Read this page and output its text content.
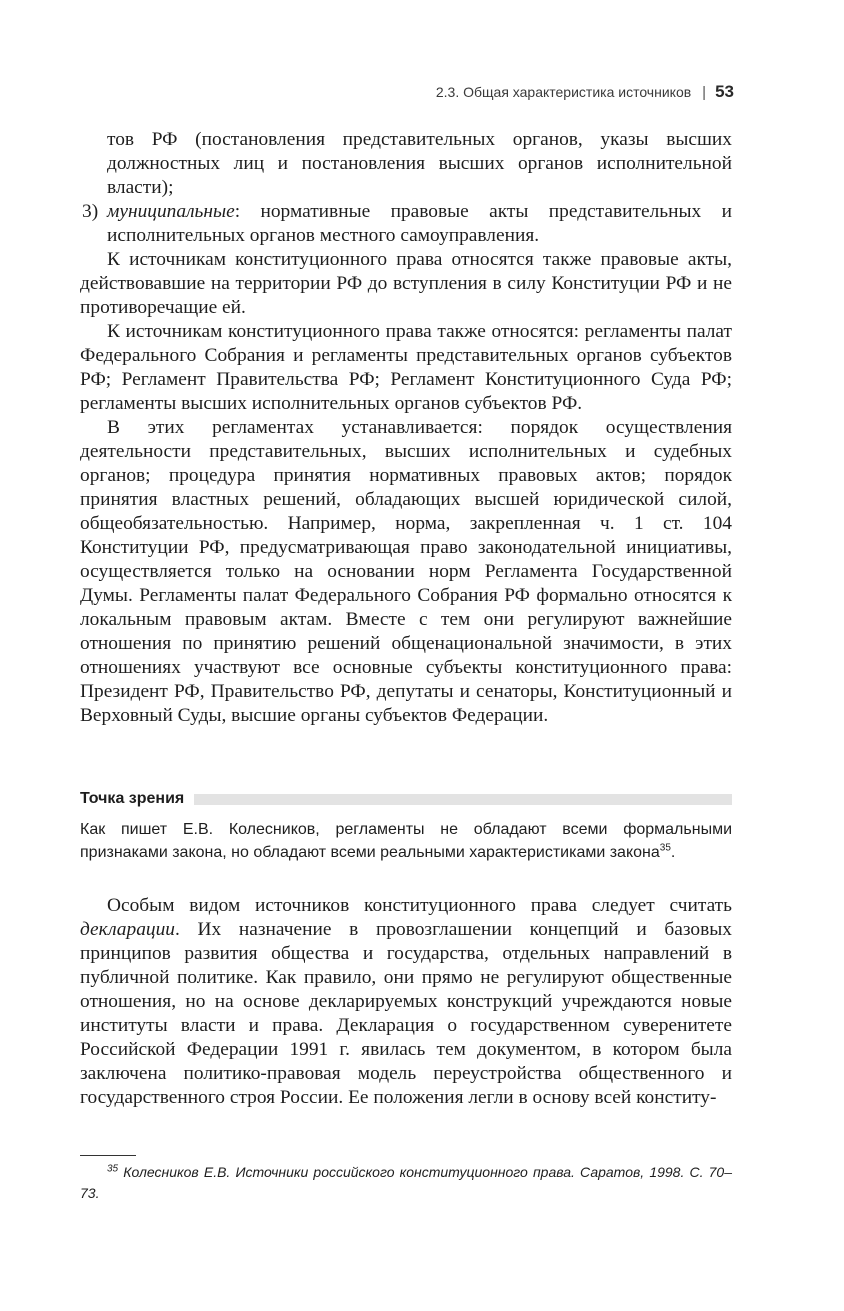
2.3. Общая характеристика источников | 53

тов РФ (постановления представительных органов, указы высших должностных лиц и постановления высших органов исполнительной власти);

3) муниципальные: нормативные правовые акты представительных и исполнительных органов местного самоуправления.

К источникам конституционного права относятся также правовые акты, действовавшие на территории РФ до вступления в силу Конституции РФ и не противоречащие ей.

К источникам конституционного права также относятся: регламенты палат Федерального Собрания и регламенты представительных органов субъектов РФ; Регламент Правительства РФ; Регламент Конституционного Суда РФ; регламенты высших исполнительных органов субъектов РФ.

В этих регламентах устанавливается: порядок осуществления деятельности представительных, высших исполнительных и судебных органов; процедура принятия нормативных правовых актов; порядок принятия властных решений, обладающих высшей юридической силой, общеобязательностью. Например, норма, закрепленная ч. 1 ст. 104 Конституции РФ, предусматривающая право законодательной инициативы, осуществляется только на основании норм Регламента Государственной Думы. Регламенты палат Федерального Собрания РФ формально относятся к локальным правовым актам. Вместе с тем они регулируют важнейшие отношения по принятию решений общенациональной значимости, в этих отношениях участвуют все основные субъекты конституционного права: Президент РФ, Правительство РФ, депутаты и сенаторы, Конституционный и Верховный Суды, высшие органы субъектов Федерации.

Точка зрения
Как пишет Е.В. Колесников, регламенты не обладают всеми формальными признаками закона, но обладают всеми реальными характеристиками закона$^{35}$.

Особым видом источников конституционного права следует считать декларации. Их назначение в провозглашении концепций и базовых принципов развития общества и государства, отдельных направлений в публичной политике. Как правило, они прямо не регулируют общественные отношения, но на основе декларируемых конструкций учреждаются новые институты власти и права. Декларация о государственном суверенитете Российской Федерации 1991 г. явилась тем документом, в котором была заключена политико-правовая модель переустройства общественного и государственного строя России. Ее положения легли в основу всей конститу-

$^{35}$ Колесников Е.В. Источники российского конституционного права. Саратов, 1998. С. 70–73.
